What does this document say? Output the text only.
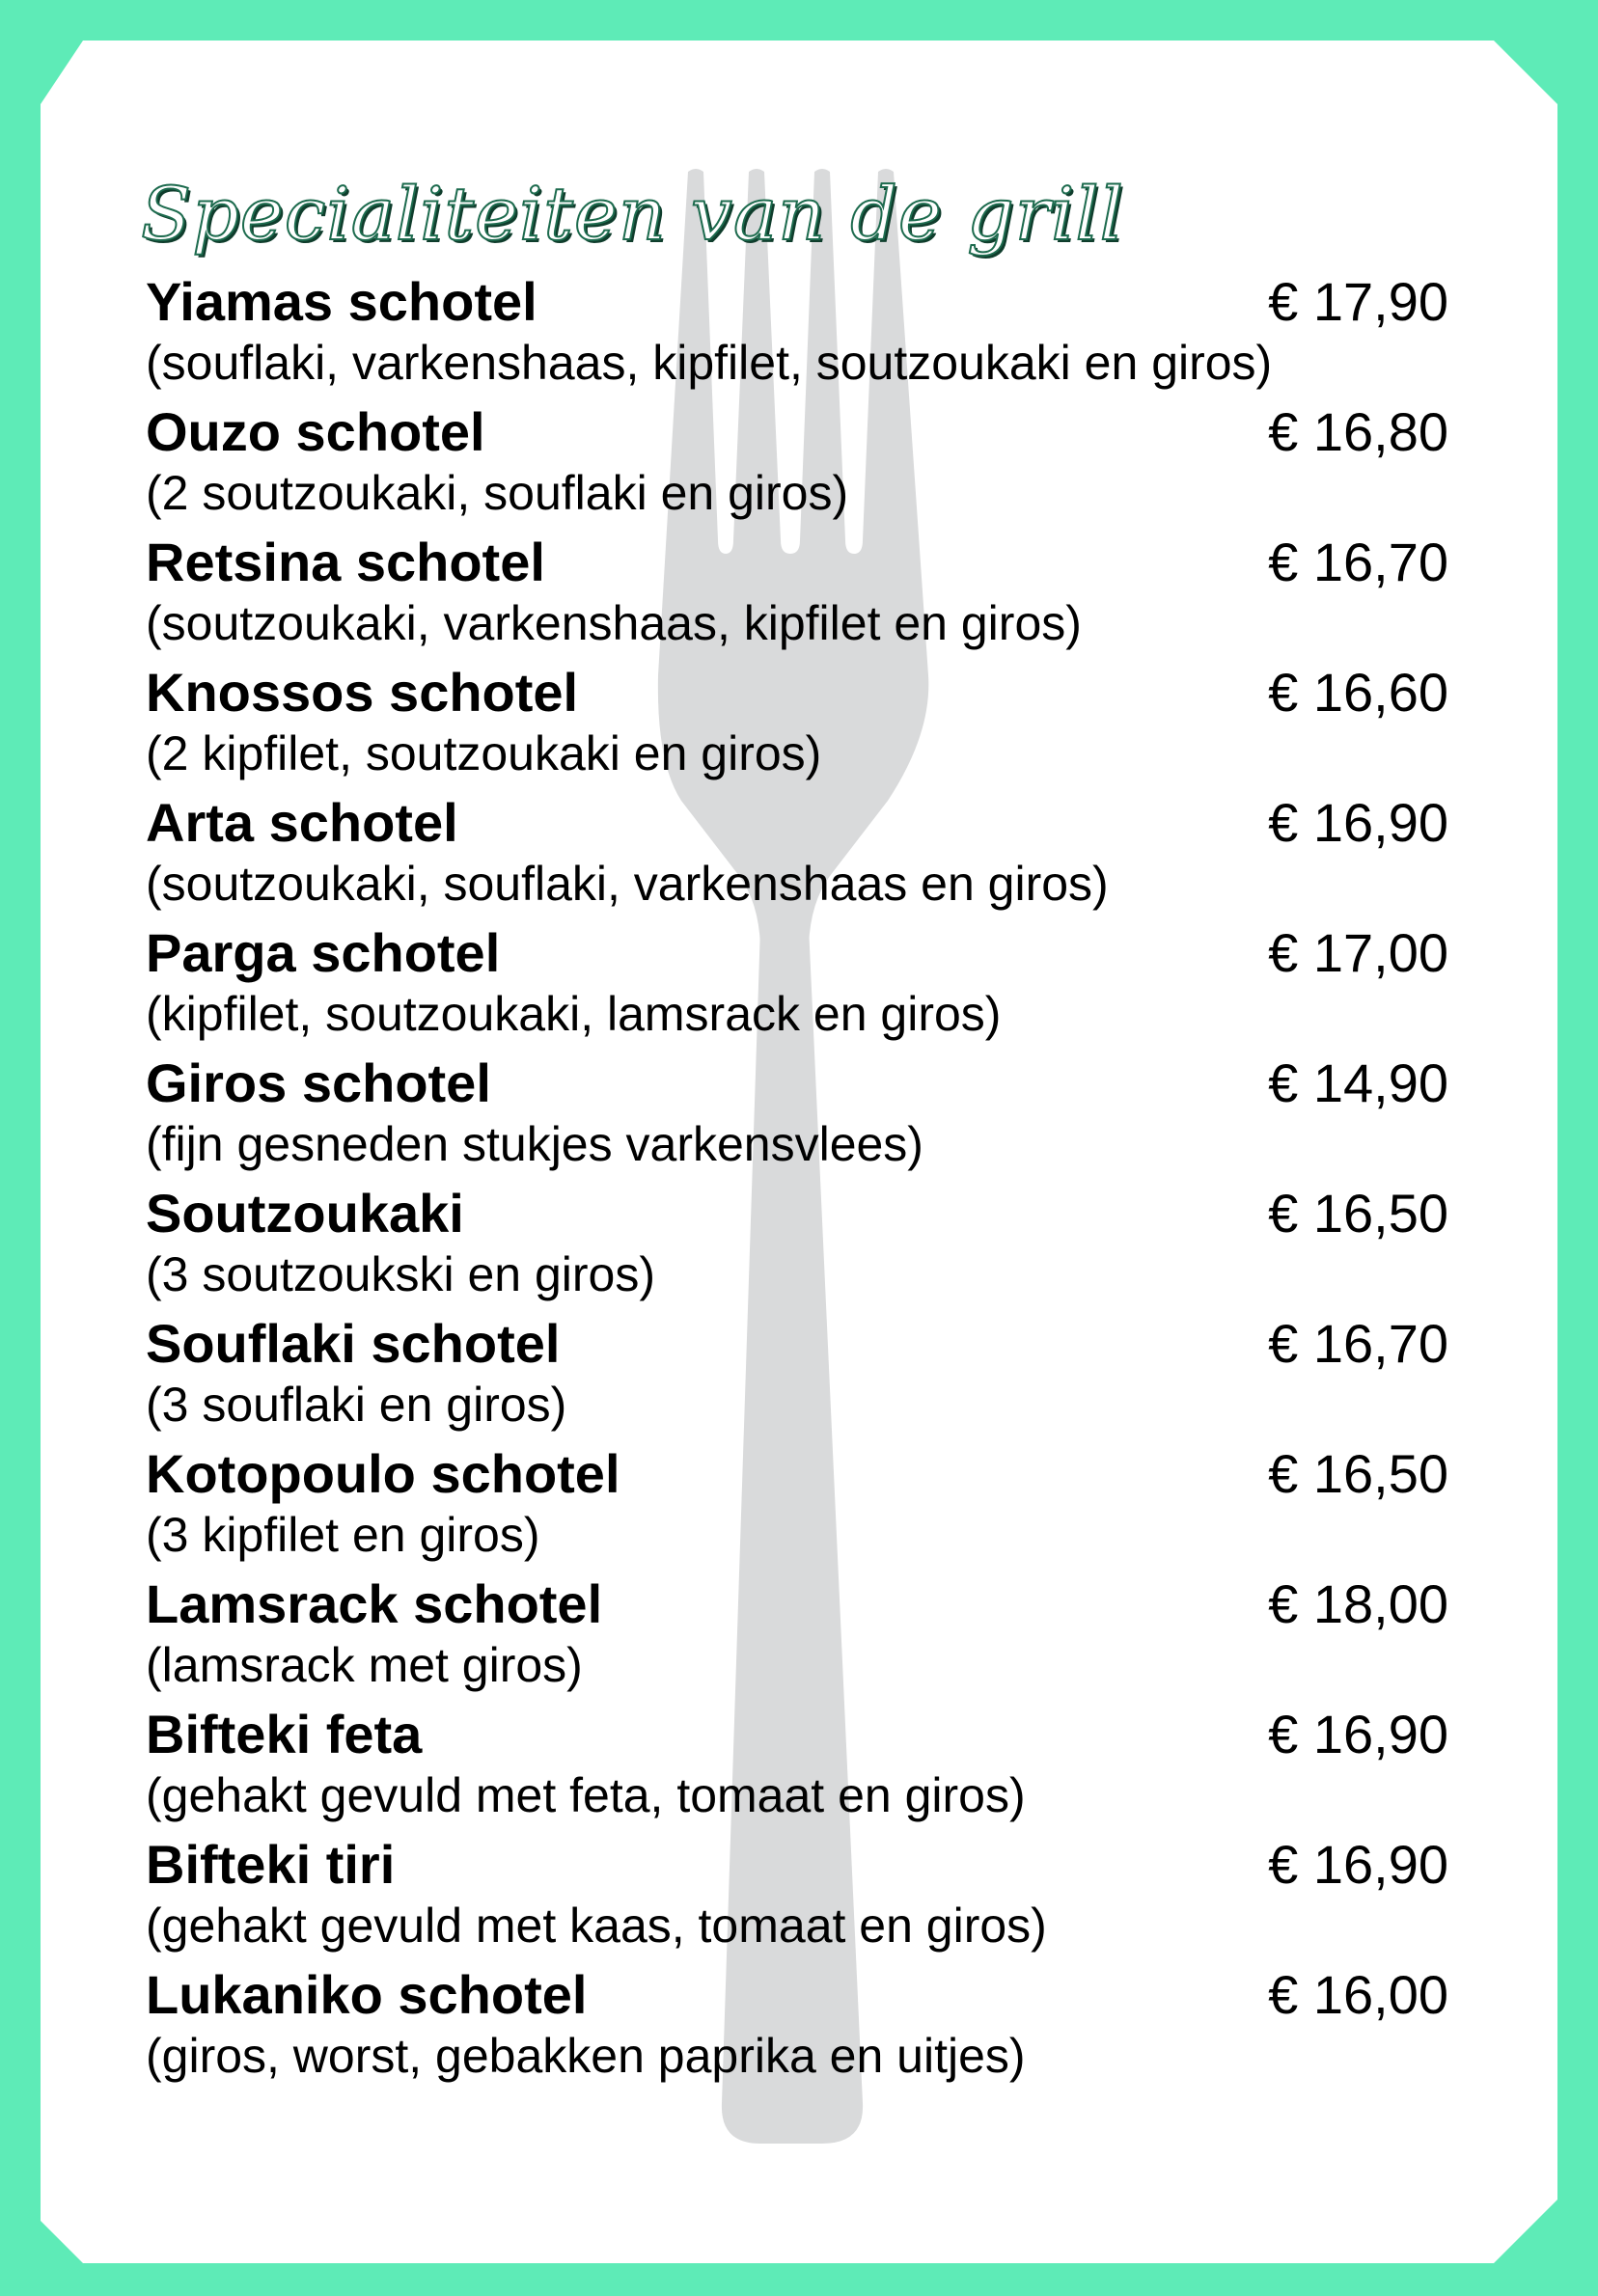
Specialiteiten van de grill
Yiamas schotel	€ 17,90
(souflaki, varkenshaas, kipfilet, soutzoukaki en giros)
Ouzo schotel	€ 16,80
(2 soutzoukaki, souflaki en giros)
Retsina schotel	€ 16,70
(soutzoukaki, varkenshaas, kipfilet en giros)
Knossos schotel	€ 16,60
(2 kipfilet, soutzoukaki en giros)
Arta schotel	€ 16,90
(soutzoukaki, souflaki, varkenshaas en giros)
Parga schotel	€ 17,00
(kipfilet, soutzoukaki, lamsrack en giros)
Giros schotel	€ 14,90
(fijn gesneden stukjes varkensvlees)
Soutzoukaki	€ 16,50
(3 soutzoukski en giros)
Souflaki schotel	€ 16,70
(3 souflaki en giros)
Kotopoulo schotel	€ 16,50
(3 kipfilet en giros)
Lamsrack schotel	€ 18,00
(lamsrack met giros)
Bifteki feta	€ 16,90
(gehakt gevuld met feta, tomaat en giros)
Bifteki tiri	€ 16,90
(gehakt gevuld met kaas, tomaat en giros)
Lukaniko schotel	€ 16,00
(giros, worst, gebakken paprika en uitjes)
